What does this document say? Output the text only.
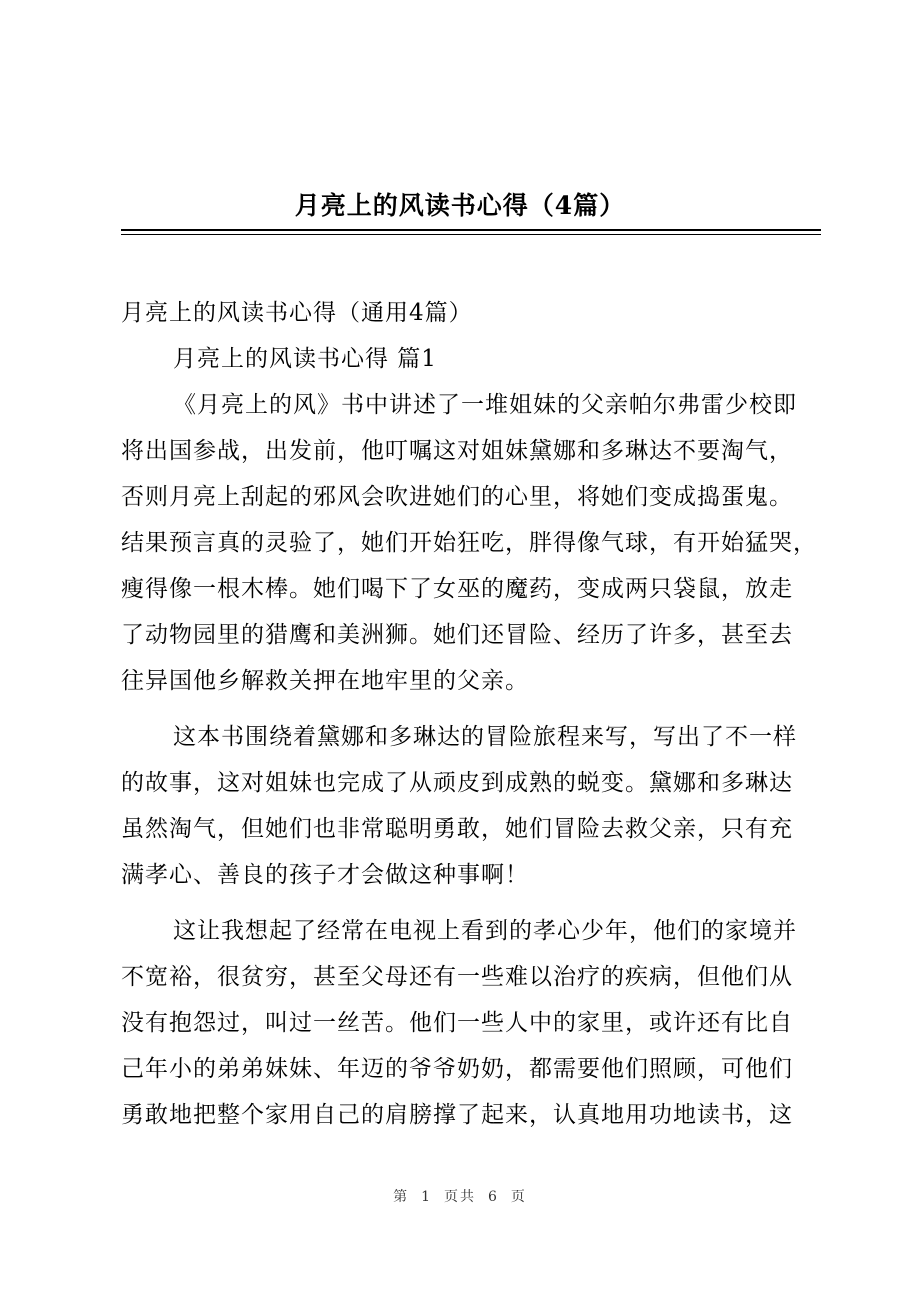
月亮上的风读书心得（4篇）
月亮上的风读书心得（通用4篇）
月亮上的风读书心得 篇1
《月亮上的风》书中讲述了一堆姐妹的父亲帕尔弗雷少校即
将出国参战，出发前，他叮嘱这对姐妹黛娜和多琳达不要淘气，
否则月亮上刮起的邪风会吹进她们的心里，将她们变成捣蛋鬼。
结果预言真的灵验了，她们开始狂吃，胖得像气球，有开始猛哭，
瘦得像一根木棒。她们喝下了女巫的魔药，变成两只袋鼠，放走
了动物园里的猎鹰和美洲狮。她们还冒险、经历了许多，甚至去
往异国他乡解救关押在地牢里的父亲。
这本书围绕着黛娜和多琳达的冒险旅程来写，写出了不一样
的故事，这对姐妹也完成了从顽皮到成熟的蜕变。黛娜和多琳达
虽然淘气，但她们也非常聪明勇敢，她们冒险去救父亲，只有充
满孝心、善良的孩子才会做这种事啊！
这让我想起了经常在电视上看到的孝心少年，他们的家境并
不宽裕，很贫穷，甚至父母还有一些难以治疗的疾病，但他们从
没有抱怨过，叫过一丝苦。他们一些人中的家里，或许还有比自
己年小的弟弟妹妹、年迈的爷爷奶奶，都需要他们照顾，可他们
勇敢地把整个家用自己的肩膀撑了起来，认真地用功地读书，这
第 1 页共 6 页
